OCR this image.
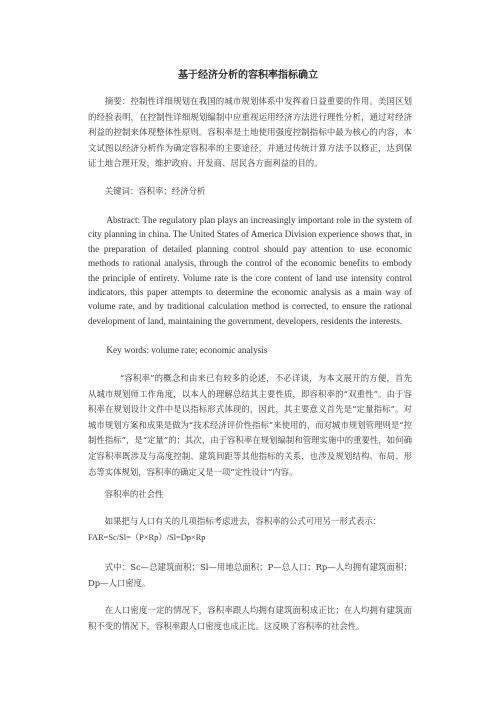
基于经济分析的容积率指标确立

摘要：控制性详细规划在我国的城市规划体系中发挥着日益重要的作用。美国区划的经验表明，在控制性详细规划编制中应重视运用经济方法进行理性分析，通过对经济利益的控制来体现整体性原则。容积率是土地使用强度控制指标中最为核心的内容，本文试图以经济分析作为确定容积率的主要途径，并通过传统计算方法予以修正，达到保证土地合理开发，维护政府、开发商、居民各方面利益的目的。

关键词：容积率；经济分析

Abstract: The regulatory plan plays an increasingly important role in the system of city planning in china. The United States of America Division experience shows that, in the preparation of detailed planning control should pay attention to use economic methods to rational analysis, through the control of the economic benefits to embody the principle of entirety. Volume rate is the core content of land use intensity control indicators, this paper attempts to determine the economic analysis as a main way of volume rate, and by traditional calculation method is corrected, to ensure the rational development of land, maintaining the government, developers, residents the interests.

Key words: volume rate; economic analysis

“容积率”的概念和由来已有较多的论述，不必详谈，为本文展开的方便，首先从城市规划师工作角度，以本人的理解总结其主要性质，即容积率的“双重性”。由于容积率在规划设计文件中是以指标形式体现的，因此，其主要意义首先是“定量指标”。对城市规划方案和成果是做为“技术经济评价性指标”来使用的，而对城市规划管理则是“控制性指标”，是“定量”的；其次，由于容积率在规划编制和管理实施中的重要性，如何确定容积率既涉及与高度控制、建筑间距等其他指标的关系，也涉及规划结构、布局、形态等实体规划，容积率的确定又是一项“定性设计”内容。

容积率的社会性

如果把与人口有关的几项指标考虑进去，容积率的公式可用另一形式表示：
FAR=Sc/Sl=（P×Rp）/Sl=Dp×Rp

式中：Sc—总建筑面积；Sl—用地总面积；P—总人口；Rp—人均拥有建筑面积；Dp—人口密度。

在人口密度一定的情况下，容积率跟人均拥有建筑面积成正比；在人均拥有建筑面积不变的情况下，容积率跟人口密度也成正比。这反映了容积率的社会性。
